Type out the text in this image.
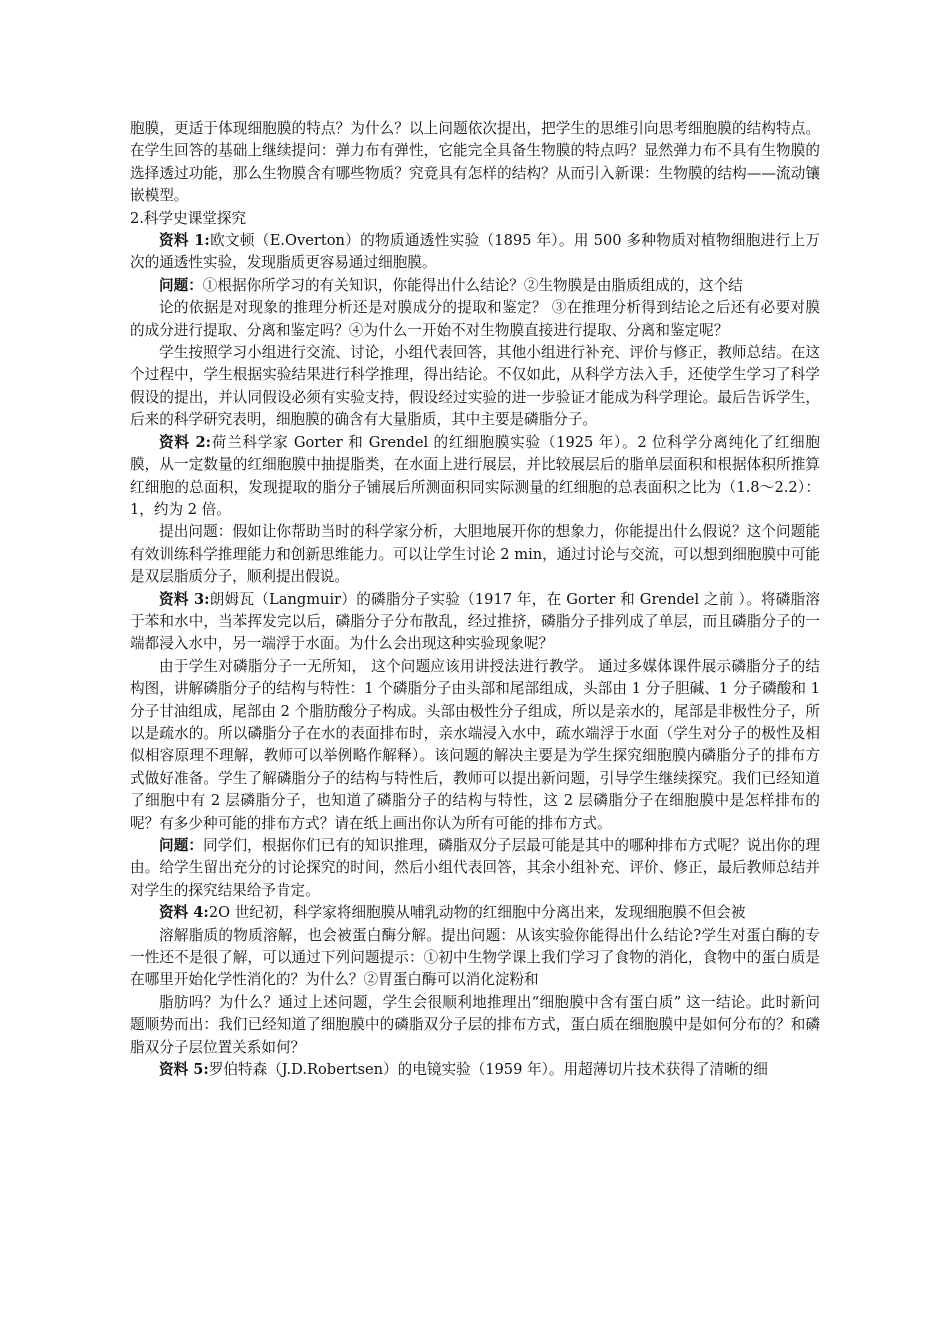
胞膜，更适于体现细胞膜的特点？为什么？以上问题依次提出，把学生的思维引向思考细胞膜的结构特点。在学生回答的基础上继续提问：弹力布有弹性，它能完全具备生物膜的特点吗？显然弹力布不具有生物膜的选择透过功能，那么生物膜含有哪些物质？究竟具有怎样的结构？从而引入新课：生物膜的结构——流动镶嵌模型。

2.科学史课堂探究

资料 1:欧文顿（E.Overton）的物质通透性实验（1895 年）。用 500 多种物质对植物细胞进行上万次的通透性实验，发现脂质更容易通过细胞膜。

问题：①根据你所学习的有关知识，你能得出什么结论？②生物膜是由脂质组成的，这个结

论的依据是对现象的推理分析还是对膜成分的提取和鉴定？ ③在推理分析得到结论之后还有必要对膜的成分进行提取、分离和鉴定吗？④为什么一开始不对生物膜直接进行提取、分离和鉴定呢？

学生按照学习小组进行交流、讨论，小组代表回答，其他小组进行补充、评价与修正，教师总结。在这个过程中，学生根据实验结果进行科学推理，得出结论。不仅如此，从科学方法入手，还使学生学习了科学假设的提出，并认同假设必须有实验支持，假设经过实验的进一步验证才能成为科学理论。最后告诉学生，后来的科学研究表明，细胞膜的确含有大量脂质，其中主要是磷脂分子。

资料 2:荷兰科学家 Gorter 和 Grendel 的红细胞膜实验（1925 年）。2 位科学分离纯化了红细胞膜，从一定数量的红细胞膜中抽提脂类，在水面上进行展层，并比较展层后的脂单层面积和根据体积所推算红细胞的总面积，发现提取的脂分子铺展后所测面积同实际测量的红细胞的总表面积之比为（1.8～2.2）：1，约为 2 倍。

提出问题：假如让你帮助当时的科学家分析，大胆地展开你的想象力，你能提出什么假说？这个问题能有效训练科学推理能力和创新思维能力。可以让学生讨论 2 min，通过讨论与交流，可以想到细胞膜中可能是双层脂质分子，顺利提出假说。

资料 3:朗姆瓦（Langmuir）的磷脂分子实验（1917 年，在 Gorter 和 Grendel 之前 ）。将磷脂溶于苯和水中，当苯挥发完以后，磷脂分子分布散乱，经过推挤，磷脂分子排列成了单层，而且磷脂分子的一端都浸入水中，另一端浮于水面。为什么会出现这种实验现象呢？

由于学生对磷脂分子一无所知， 这个问题应该用讲授法进行教学。 通过多媒体课件展示磷脂分子的结构图，讲解磷脂分子的结构与特性：1 个磷脂分子由头部和尾部组成，头部由 1 分子胆碱、1 分子磷酸和 1 分子甘油组成，尾部由 2 个脂肪酸分子构成。头部由极性分子组成，所以是亲水的，尾部是非极性分子，所以是疏水的。所以磷脂分子在水的表面排布时，亲水端浸入水中，疏水端浮于水面（学生对分子的极性及相似相容原理不理解，教师可以举例略作解释）。该问题的解决主要是为学生探究细胞膜内磷脂分子的排布方式做好准备。学生了解磷脂分子的结构与特性后，教师可以提出新问题，引导学生继续探究。我们已经知道了细胞中有 2 层磷脂分子，也知道了磷脂分子的结构与特性，这 2 层磷脂分子在细胞膜中是怎样排布的呢？有多少种可能的排布方式？请在纸上画出你认为所有可能的排布方式。

问题：同学们，根据你们已有的知识推理，磷脂双分子层最可能是其中的哪种排布方式呢？说出你的理由。给学生留出充分的讨论探究的时间，然后小组代表回答，其余小组补充、评价、修正，最后教师总结并对学生的探究结果给予肯定。

资料 4:2O 世纪初，科学家将细胞膜从哺乳动物的红细胞中分离出来，发现细胞膜不但会被

溶解脂质的物质溶解，也会被蛋白酶分解。提出问题：从该实验你能得出什么结论?学生对蛋白酶的专一性还不是很了解，可以通过下列问题提示：①初中生物学课上我们学习了食物的消化，食物中的蛋白质是在哪里开始化学性消化的？为什么？②胃蛋白酶可以消化淀粉和

脂肪吗？为什么？通过上述问题，学生会很顺利地推理出“细胞膜中含有蛋白质” 这一结论。此时新问题顺势而出：我们已经知道了细胞膜中的磷脂双分子层的排布方式，蛋白质在细胞膜中是如何分布的？和磷脂双分子层位置关系如何？

资料 5:罗伯特森（J.D.Robertsen）的电镜实验（1959 年）。用超薄切片技术获得了清晰的细
